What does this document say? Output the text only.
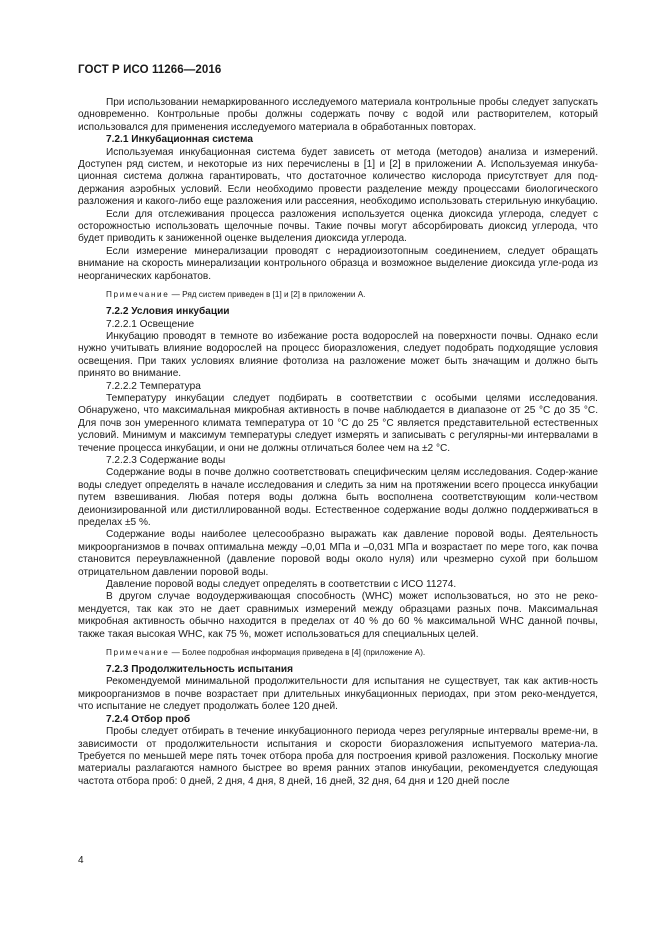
ГОСТ Р ИСО 11266—2016

При использовании немаркированного исследуемого материала контрольные пробы следует запускать одновременно. Контрольные пробы должны содержать почву с водой или растворителем, который использовался для применения исследуемого материала в обработанных повторах.

7.2.1 Инкубационная система

Используемая инкубационная система будет зависеть от метода (методов) анализа и измерений. Доступен ряд систем, и некоторые из них перечислены в [1] и [2] в приложении А. Используемая инкуба-ционная система должна гарантировать, что достаточное количество кислорода присутствует для под-держания аэробных условий. Если необходимо провести разделение между процессами биологического разложения и какого-либо еще разложения или рассеяния, необходимо использовать стерильную инкубацию.

Если для отслеживания процесса разложения используется оценка диоксида углерода, следует с осторожностью использовать щелочные почвы. Такие почвы могут абсорбировать диоксид углерода, что будет приводить к заниженной оценке выделения диоксида углерода.

Если измерение минерализации проводят с нерадиоизотопным соединением, следует обращать внимание на скорость минерализации контрольного образца и возможное выделение диоксида угле-рода из неорганических карбонатов.

Примечание — Ряд систем приведен в [1] и [2] в приложении А.
7.2.2 Условия инкубации
7.2.2.1 Освещение

Инкубацию проводят в темноте во избежание роста водорослей на поверхности почвы. Однако если нужно учитывать влияние водорослей на процесс биоразложения, следует подобрать подходящие условия освещения. При таких условиях влияние фотолиза на разложение может быть значащим и должно быть принято во внимание.

7.2.2.2 Температура

Температуру инкубации следует подбирать в соответствии с особыми целями исследования. Обнаружено, что максимальная микробная активность в почве наблюдается в диапазоне от 25 °С до 35 °С. Для почв зон умеренного климата температура от 10 °С до 25 °С является представительной естественных условий. Минимум и максимум температуры следует измерять и записывать с регулярны-ми интервалами в течение процесса инкубации, и они не должны отличаться более чем на ±2 °С.

7.2.2.3 Содержание воды

Содержание воды в почве должно соответствовать специфическим целям исследования. Содер-жание воды следует определять в начале исследования и следить за ним на протяжении всего процесса инкубации путем взвешивания. Любая потеря воды должна быть восполнена соответствующим коли-чеством деионизированной или дистиллированной воды. Естественное содержание воды должно поддерживаться в пределах ±5 %.

Содержание воды наиболее целесообразно выражать как давление поровой воды. Деятельность микроорганизмов в почвах оптимальна между –0,01 МПа и –0,031 МПа и возрастает по мере того, как почва становится переувлажненной (давление поровой воды около нуля) или чрезмерно сухой при большом отрицательном давлении поровой воды.

Давление поровой воды следует определять в соответствии с ИСО 11274.

В другом случае водоудерживающая способность (WHC) может использоваться, но это не реко-мендуется, так как это не дает сравнимых измерений между образцами разных почв. Максимальная микробная активность обычно находится в пределах от 40 % до 60 % максимальной WHC данной почвы, также такая высокая WHC, как 75 %, может использоваться для специальных целей.

Примечание — Более подробная информация приведена в [4] (приложение А).
7.2.3 Продолжительность испытания

Рекомендуемой минимальной продолжительности для испытания не существует, так как актив-ность микроорганизмов в почве возрастает при длительных инкубационных периодах, при этом реко-мендуется, что испытание не следует продолжать более 120 дней.

7.2.4 Отбор проб

Пробы следует отбирать в течение инкубационного периода через регулярные интервалы време-ни, в зависимости от продолжительности испытания и скорости биоразложения испытуемого материа-ла. Требуется по меньшей мере пять точек отбора проба для построения кривой разложения. Поскольку многие материалы разлагаются намного быстрее во время ранних этапов инкубации, рекомендуется следующая частота отбора проб: 0 дней, 2 дня, 4 дня, 8 дней, 16 дней, 32 дня, 64 дня и 120 дней после

4
